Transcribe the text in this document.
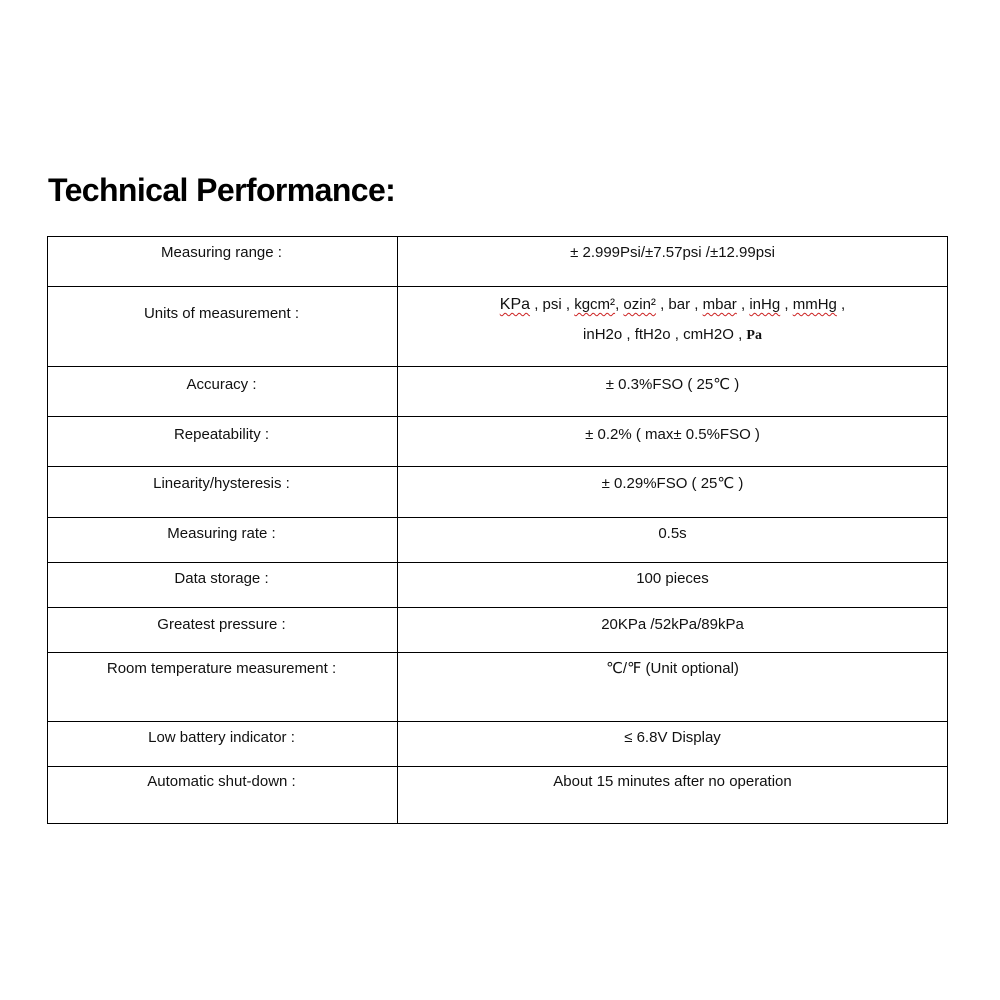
Technical Performance:
Measuring range :	± 2.999Psi/±7.57psi /±12.99psi
Units of measurement :	KPa , psi , kgcm², ozin² , bar , mbar , inHg , mmHg ,
inH2o , ftH2o , cmH2O , Pa

Accuracy :	± 0.3%FSO ( 25℃ )
Repeatability :	± 0.2% ( max± 0.5%FSO )
Linearity/hysteresis :	± 0.29%FSO ( 25℃ )
Measuring rate :	0.5s
Data storage :	100 pieces
Greatest pressure :	20KPa /52kPa/89kPa
Room temperature measurement :	℃/℉ (Unit optional)
Low battery indicator :	≤ 6.8V Display
Automatic shut-down :	About 15 minutes after no operation
